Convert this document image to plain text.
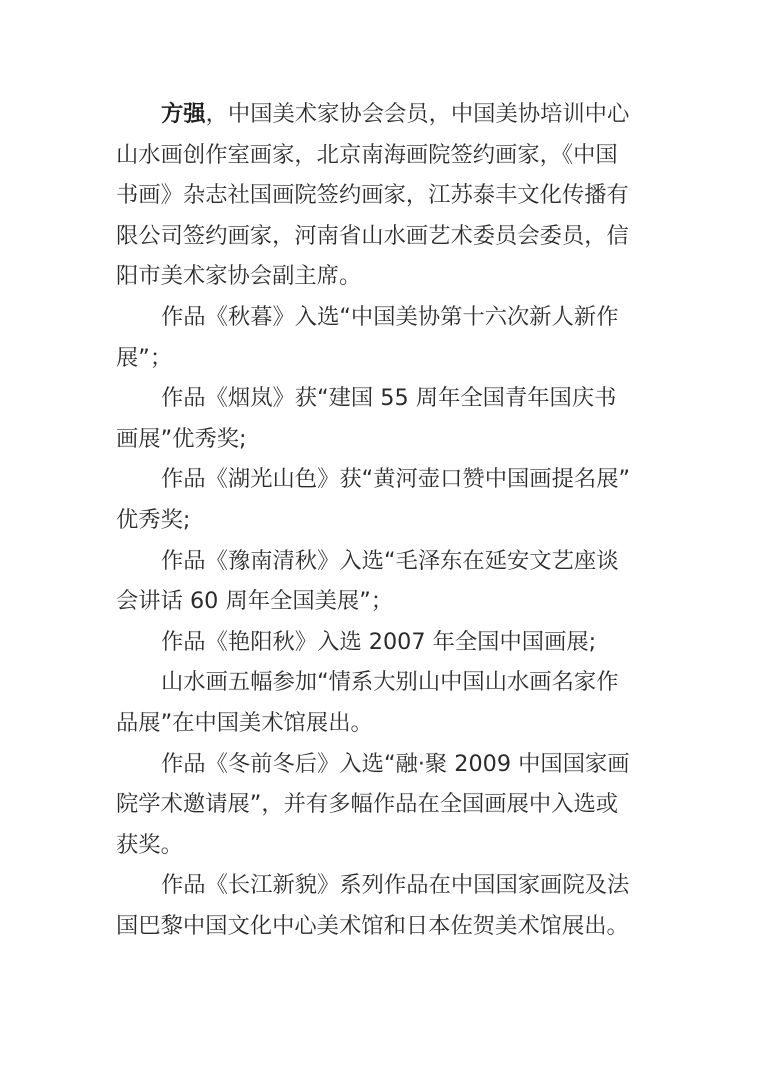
方强，中国美术家协会会员，中国美协培训中心
山水画创作室画家，北京南海画院签约画家，《中国
书画》杂志社国画院签约画家，江苏泰丰文化传播有
限公司签约画家，河南省山水画艺术委员会委员，信
阳市美术家协会副主席。
作品《秋暮》入选“中国美协第十六次新人新作
展”；
作品《烟岚》获“建国 55 周年全国青年国庆书
画展”优秀奖;
作品《湖光山色》获“黄河壶口赞中国画提名展”
优秀奖;
作品《豫南清秋》入选“毛泽东在延安文艺座谈
会讲话 60 周年全国美展”；
作品《艳阳秋》入选 2007 年全国中国画展;
山水画五幅参加“情系大别山中国山水画名家作
品展”在中国美术馆展出。
作品《冬前冬后》入选“融·聚 2009 中国国家画
院学术邀请展”，并有多幅作品在全国画展中入选或
获奖。
作品《长江新貌》系列作品在中国国家画院及法
国巴黎中国文化中心美术馆和日本佐贺美术馆展出。
